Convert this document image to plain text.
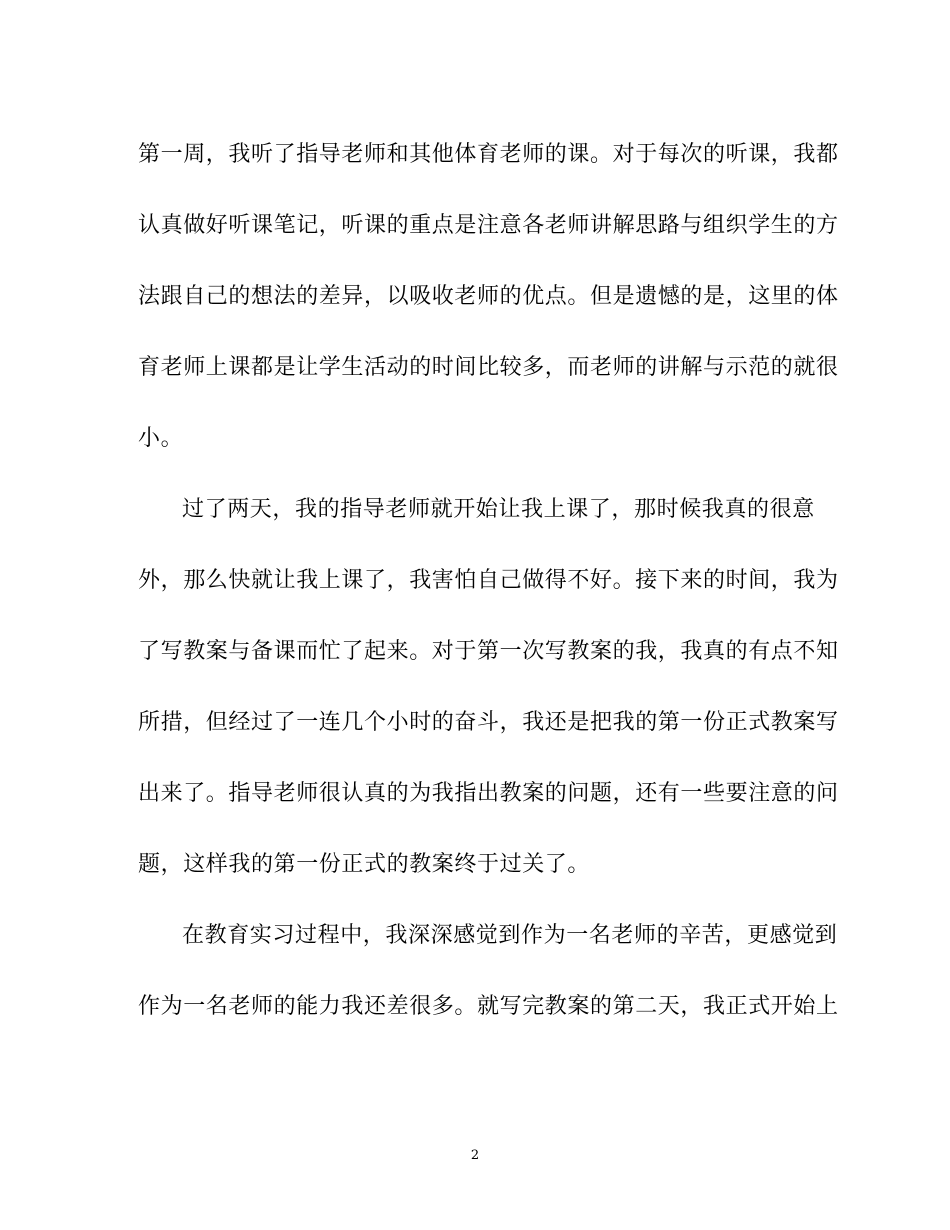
第一周，我听了指导老师和其他体育老师的课。对于每次的听课，我都
认真做好听课笔记，听课的重点是注意各老师讲解思路与组织学生的方
法跟自己的想法的差异，以吸收老师的优点。但是遗憾的是，这里的体
育老师上课都是让学生活动的时间比较多，而老师的讲解与示范的就很
小。
过了两天，我的指导老师就开始让我上课了，那时候我真的很意
外，那么快就让我上课了，我害怕自己做得不好。接下来的时间，我为
了写教案与备课而忙了起来。对于第一次写教案的我，我真的有点不知
所措，但经过了一连几个小时的奋斗，我还是把我的第一份正式教案写
出来了。指导老师很认真的为我指出教案的问题，还有一些要注意的问
题，这样我的第一份正式的教案终于过关了。
在教育实习过程中，我深深感觉到作为一名老师的辛苦，更感觉到
作为一名老师的能力我还差很多。就写完教案的第二天，我正式开始上
2
